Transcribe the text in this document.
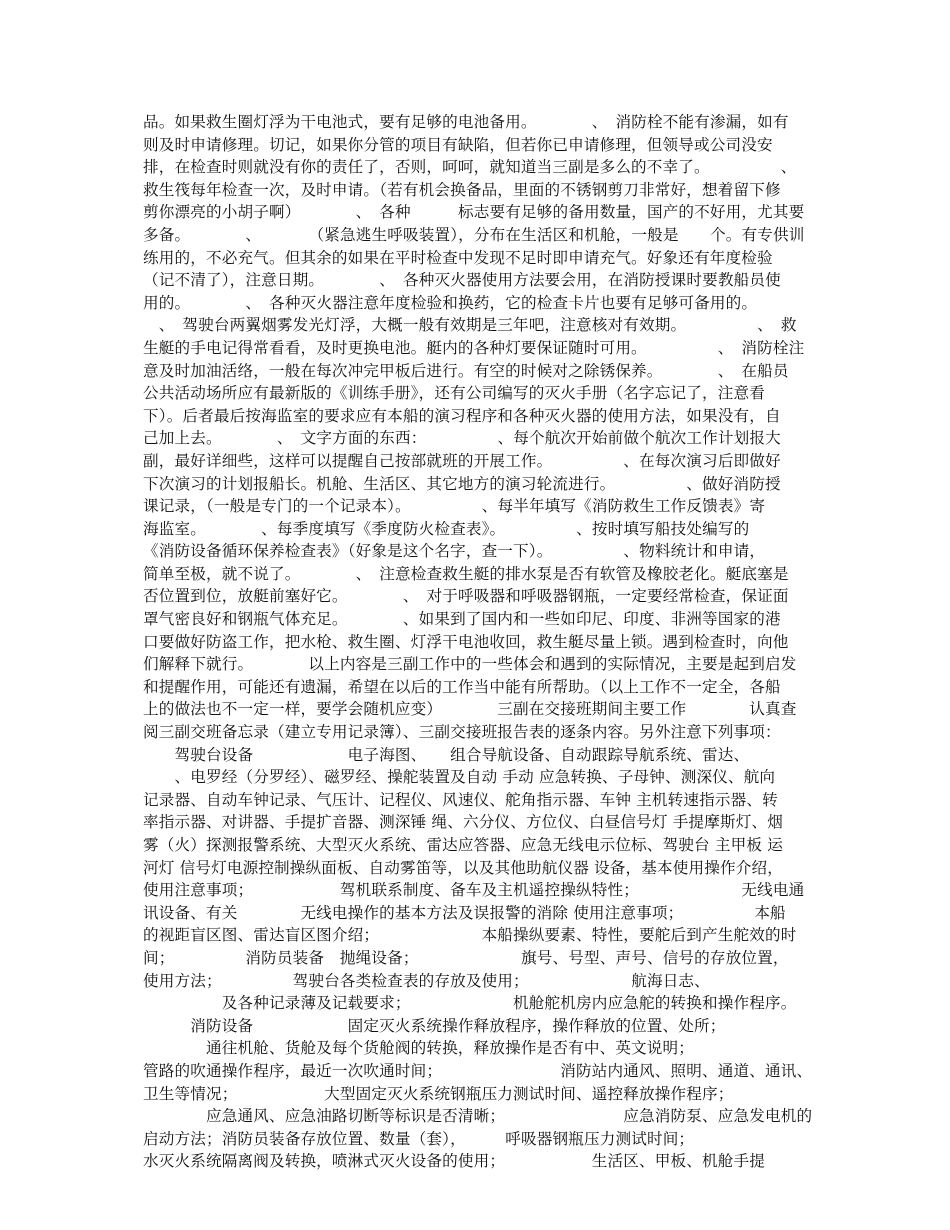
品。如果救生圈灯浮为干电池式，要有足够的电池备用。　　　　、　消防栓不能有渗漏，如有
则及时申请修理。切记，如果你分管的项目有缺陷，但若你已申请修理，但领导或公司没安
排，在检查时则就没有你的责任了，否则，呵呵，就知道当三副是多么的不幸了。　　　　　、
救生筏每年检查一次，及时申请。（若有机会换备品，里面的不锈钢剪刀非常好，想着留下修
剪你漂亮的小胡子啊）　　　　、　各种　　　标志要有足够的备用数量，国产的不好用，尤其要
多备。　　　　、　　　　（紧急逃生呼吸装置），分布在生活区和机舱，一般是　　个。有专供训
练用的，不必充气。但其余的如果在平时检查中发现不足时即申请充气。好象还有年度检验
（记不清了），注意日期。　　　　、　各种灭火器使用方法要会用，在消防授课时要教船员使
用的。　　　　、　各种灭火器注意年度检验和换药，它的检查卡片也要有足够可备用的。
　、　驾驶台两翼烟雾发光灯浮，大概一般有效期是三年吧，注意核对有效期。　　　　　、　救
生艇的手电记得常看看，及时更换电池。艇内的各种灯要保证随时可用。　　　　　、　消防栓注
意及时加油活络，一般在每次冲完甲板后进行。有空的时候对之除锈保养。　　　　、　在船员
公共活动场所应有最新版的《训练手册》，还有公司编写的灭火手册（名字忘记了，注意看
下）。后者最后按海监室的要求应有本船的演习程序和各种灭火器的使用方法，如果没有，自
己加上去。　　　　、　文字方面的东西：　　　　　、每个航次开始前做个航次工作计划报大
副，最好详细些，这样可以提醒自己按部就班的开展工作。　　　　　、在每次演习后即做好
下次演习的计划报船长。机舱、生活区、其它地方的演习轮流进行。　　　　　、做好消防授
课记录，（一般是专门的一个记录本）。　　　　　、每半年填写《消防救生工作反馈表》寄
海监室。　　　　、每季度填写《季度防火检查表》。　　　　　、按时填写船技处编写的
《消防设备循环保养检查表》（好象是这个名字，查一下）。　　　　　、物料统计和申请，
简单至极，就不说了。　　　　、　注意检查救生艇的排水泵是否有软管及橡胶老化。艇底塞是
否位置到位，放艇前塞好它。　　　　、　对于呼吸器和呼吸器钢瓶，一定要经常检查，保证面
罩气密良好和钢瓶气体充足。　　　　、如果到了国内和一些如印尼、印度、非洲等国家的港
口要做好防盗工作，把水枪、救生圈、灯浮干电池收回，救生艇尽量上锁。遇到检查时，向他
们解释下就行。　　　　以上内容是三副工作中的一些体会和遇到的实际情况，主要是起到启发
和提醒作用，可能还有遗漏，希望在以后的工作当中能有所帮助。（以上工作不一定全，各船
上的做法也不一定一样，要学会随机应变）　　　　三副在交接班期间主要工作　　　　认真查
阅三副交班备忘录（建立专用记录簿）、三副交接班报告表的逐条内容。另外注意下列事项：
　　驾驶台设备　　　　　　电子海图、　　组合导航设备、自动跟踪导航系统、雷达、
　　、电罗经（分罗经）、磁罗经、操舵装置及自动 手动 应急转换、子母钟、测深仪、航向
记录器、自动车钟记录、气压计、记程仪、风速仪、舵角指示器、车钟 主机转速指示器、转
率指示器、对讲器、手提扩音器、测深锤 绳、六分仪、方位仪、白昼信号灯 手提摩斯灯、烟
雾（火）探测报警系统、大型灭火系统、雷达应答器、应急无线电示位标、驾驶台 主甲板 运
河灯 信号灯电源控制操纵面板、自动雾笛等，以及其他助航仪器 设备，基本使用操作介绍，
使用注意事项；　　　　　　驾机联系制度、备车及主机遥控操纵特性；　　　　　　　无线电通
讯设备、有关　　　　无线电操作的基本方法及误报警的消除 使用注意事项；　　　　　本船
的视距盲区图、雷达盲区图介绍；　　　　　　　本船操纵要素、特性，要舵后到产生舵效的时
间；　　　　　消防员装备　抛绳设备；　　　　　　　旗号、号型、声号、信号的存放位置，
使用方法；　　　　　驾驶台各类检查表的存放及使用；　　　　　　　航海日志、
　　　　　及各种记录薄及记载要求；　　　　　　　机舱舵机房内应急舵的转换和操作程序。
　　　消防设备　　　　　　固定灭火系统操作释放程序，操作释放的位置、处所；
　　　　通往机舱、货舱及每个货舱阀的转换，释放操作是否有中、英文说明；
管路的吹通操作程序，最近一次吹通时间；　　　　　　　　消防站内通风、照明、通道、通讯、
卫生等情况；　　　　　　大型固定灭火系统钢瓶压力测试时间、遥控释放操作程序；
　　　　应急通风、应急油路切断等标识是否清晰；　　　　　　　　应急消防泵、应急发电机的
启动方法；消防员装备存放位置、数量（套），　　　呼吸器钢瓶压力测试时间；
水灭火系统隔离阀及转换，喷淋式灭火设备的使用；　　　　　　生活区、甲板、机舱手提
